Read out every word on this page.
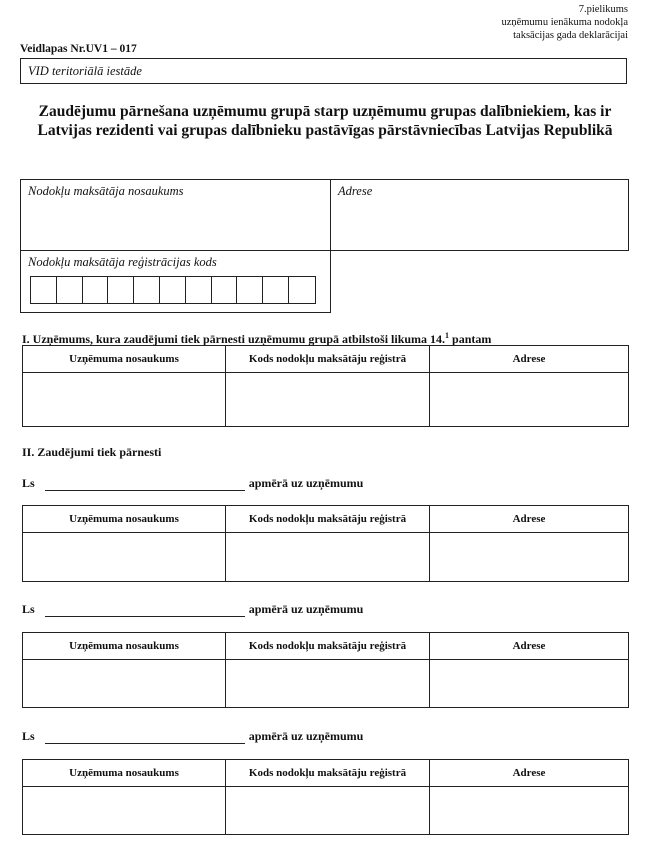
7.pielikums
uzņēmumu ienākuma nodokļa
taksācijas gada deklarācijai
Veidlapas Nr.UV1 – 017
VID teritoriālā iestāde
Zaudējumu pārnešana uzņēmumu grupā starp uzņēmumu grupas dalībniekiem, kas ir Latvijas rezidenti vai grupas dalībnieku pastāvīgas pārstāvniecības Latvijas Republikā
Nodokļu maksātāja nosaukums	Adrese
Nodokļu maksātāja reģistrācijas kods
I. Uzņēmums, kura zaudējumi tiek pārnesti uzņēmumu grupā atbilstoši likuma 14.$^1$ pantam
Uzņēmuma nosaukums	Kods nodokļu maksātāju reģistrā	Adrese

II. Zaudējumi tiek pārnesti
Ls	apmērā uz uzņēmumu
Uzņēmuma nosaukums	Kods nodokļu maksātāju reģistrā	Adrese

Ls	apmērā uz uzņēmumu
Uzņēmuma nosaukums	Kods nodokļu maksātāju reģistrā	Adrese

Ls	apmērā uz uzņēmumu
Uzņēmuma nosaukums	Kods nodokļu maksātāju reģistrā	Adrese
